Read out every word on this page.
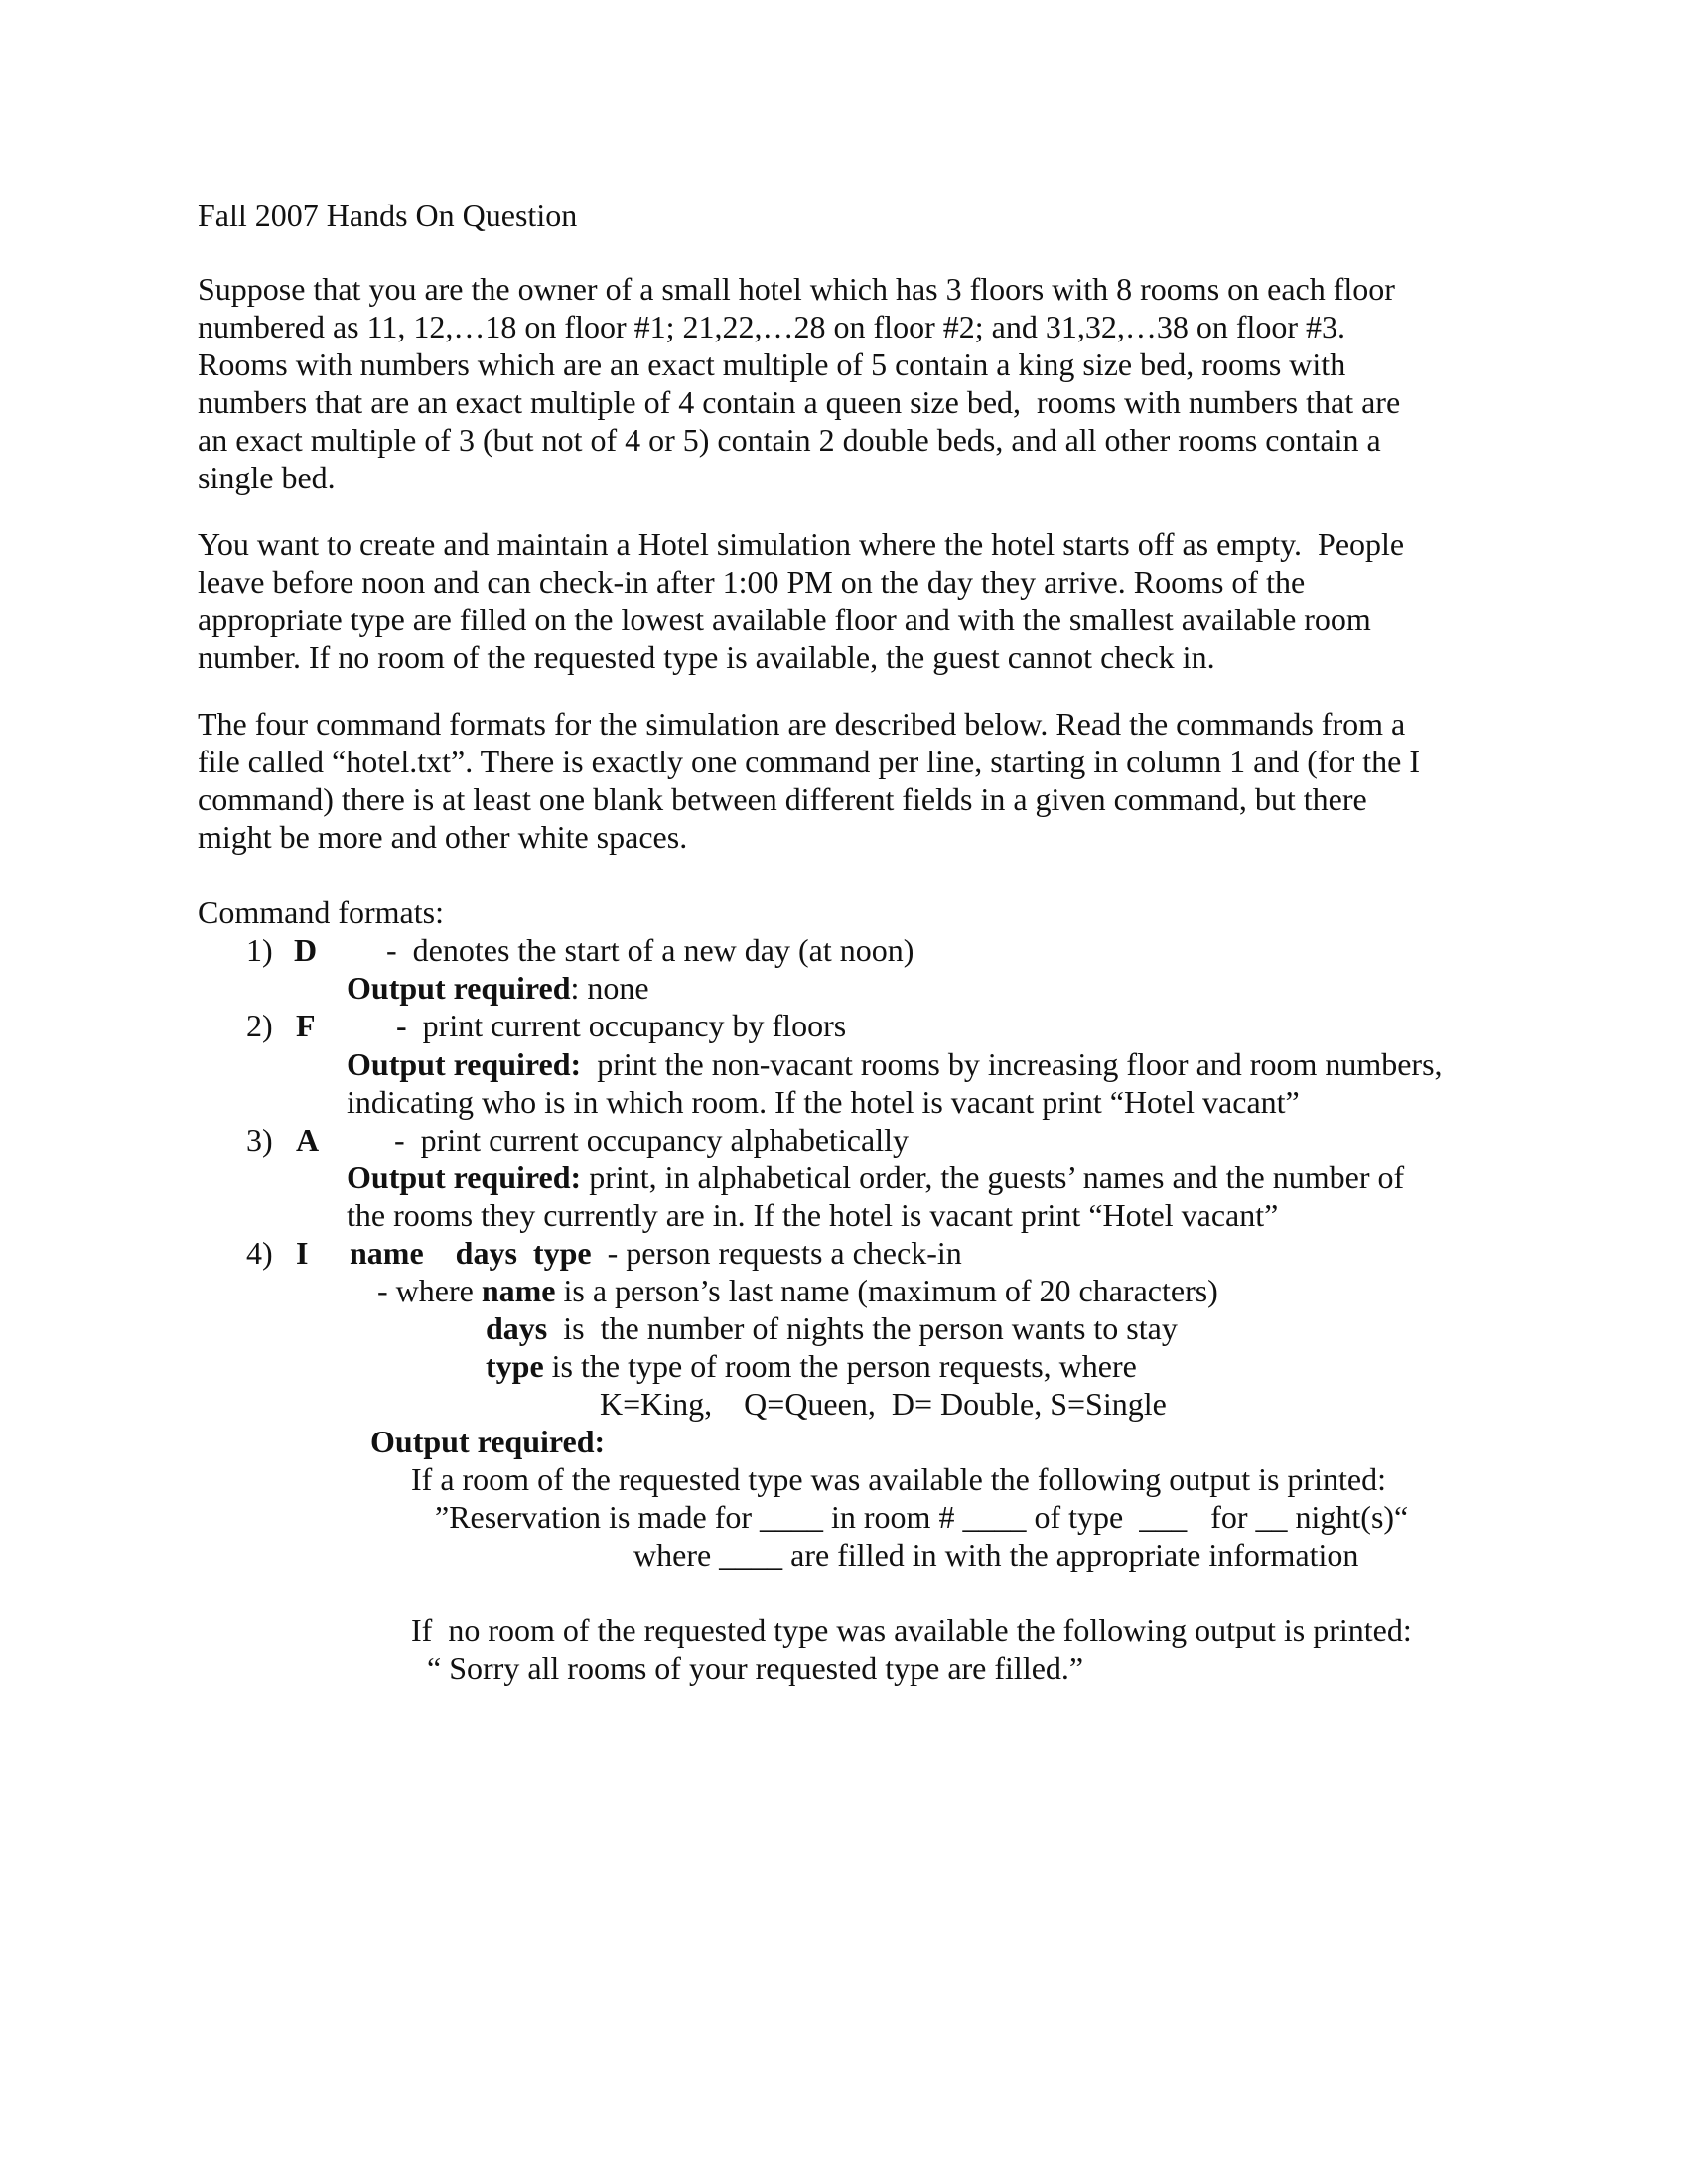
Fall 2007 Hands On Question
Suppose that you are the owner of a small hotel which has 3 floors with 8 rooms on each floor
numbered as 11, 12,…18 on floor #1; 21,22,…28 on floor #2; and 31,32,…38 on floor #3.
Rooms with numbers which are an exact multiple of 5 contain a king size bed, rooms with
numbers that are an exact multiple of 4 contain a queen size bed,  rooms with numbers that are
an exact multiple of 3 (but not of 4 or 5) contain 2 double beds, and all other rooms contain a
single bed.
You want to create and maintain a Hotel simulation where the hotel starts off as empty.  People
leave before noon and can check-in after 1:00 PM on the day they arrive. Rooms of the
appropriate type are filled on the lowest available floor and with the smallest available room
number. If no room of the requested type is available, the guest cannot check in.
The four command formats for the simulation are described below. Read the commands from a
file called “hotel.txt”. There is exactly one command per line, starting in column 1 and (for the I
command) there is at least one blank between different fields in a given command, but there
might be more and other white spaces.
Command formats:
1) D -  denotes the start of a new day (at noon)
Output required: none
2) F	-  print current occupancy by floors
Output required:  print the non-vacant rooms by increasing floor and room numbers,
indicating who is in which room. If the hotel is vacant print “Hotel vacant”
3) A -  print current occupancy alphabetically
Output required: print, in alphabetical order, the guests’ names and the number of
the rooms they currently are in. If the hotel is vacant print “Hotel vacant”
4) I name    days  type  - person requests a check-in
- where name is a person’s last name (maximum of 20 characters)
days  is  the number of nights the person wants to stay
type is the type of room the person requests, where
K=King,    Q=Queen,  D= Double, S=Single
Output required:
If a room of the requested type was available the following output is printed:
”Reservation is made for ____ in room # ____ of type  ___   for __ night(s)“
where ____ are filled in with the appropriate information
If  no room of the requested type was available the following output is printed:
“ Sorry all rooms of your requested type are filled.”
